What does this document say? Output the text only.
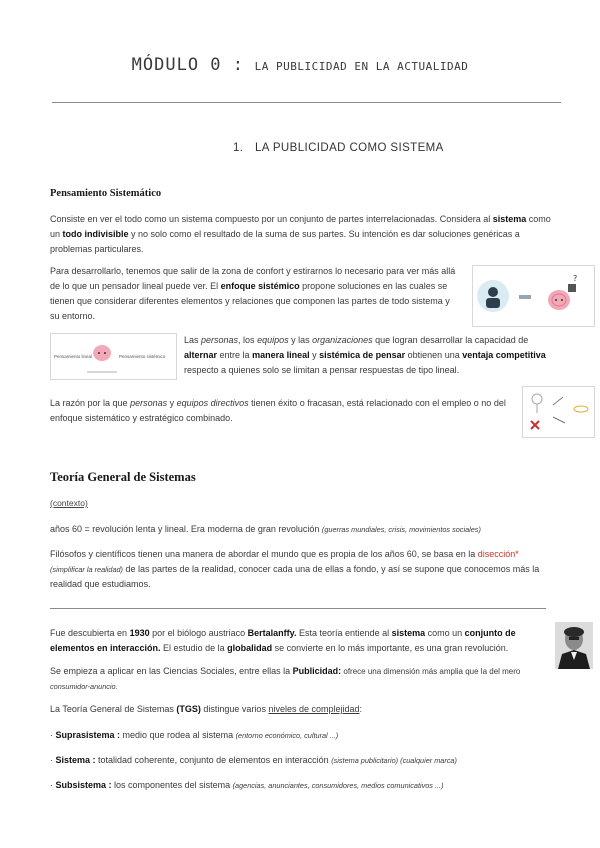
MÓDULO 0 : LA PUBLICIDAD EN LA ACTUALIDAD
1. LA PUBLICIDAD COMO SISTEMA
Pensamiento Sistemático

Consiste en ver el todo como un sistema compuesto por un conjunto de partes interrelacionadas. Considera al sistema como un todo indivisible y no solo como el resultado de la suma de sus partes. Su intención es dar soluciones genéricas a problemas particulares.

Para desarrollarlo, tenemos que salir de la zona de confort y estirarnos lo necesario para ver más allá de lo que un pensador lineal puede ver. El enfoque sistémico propone soluciones en las cuales se tienen que considerar diferentes elementos y relaciones que componen las partes de todo sistema y su entorno.

?
Pensamiento lineal	Pensamiento sistémico

Las personas, los equipos y las organizaciones que logran desarrollar la capacidad de alternar entre la manera lineal y sistémica de pensar obtienen una ventaja competitiva respecto a quienes solo se limitan a pensar respuestas de tipo lineal.

La razón por la que personas y equipos directivos tienen éxito o fracasan, está relacionado con el empleo o no del enfoque sistemático y estratégico combinado.

Teoría General de Sistemas
(contexto)

años 60 = revolución lenta y lineal. Era moderna de gran revolución (guerras mundiales, crisis, movimientos sociales)

Filósofos y científicos tienen una manera de abordar el mundo que es propia de los años 60, se basa en la disección*
(simplificar la realidad) de las partes de la realidad, conocer cada una de ellas a fondo, y así se supone que conocemos más la realidad que estudiamos.

Fue descubierta en 1930 por el biólogo austriaco Bertalanffy. Esta teoría entiende al sistema como un conjunto de elementos en interacción. El estudio de la globalidad se convierte en lo más importante, es una gran revolución.

Se empieza a aplicar en las Ciencias Sociales, entre ellas la Publicidad: ofrece una dimensión más amplia que la del mero consumidor-anuncio.

La Teoría General de Sistemas (TGS) distingue varios niveles de complejidad:

· Suprasistema : medio que rodea al sistema (entorno económico, cultural ...)

· Sistema : totalidad coherente, conjunto de elementos en interacción (sistema publicitario) (cualquier marca)

· Subsistema : los componentes del sistema (agencias, anunciantes, consumidores, medios comunicativos ...)
